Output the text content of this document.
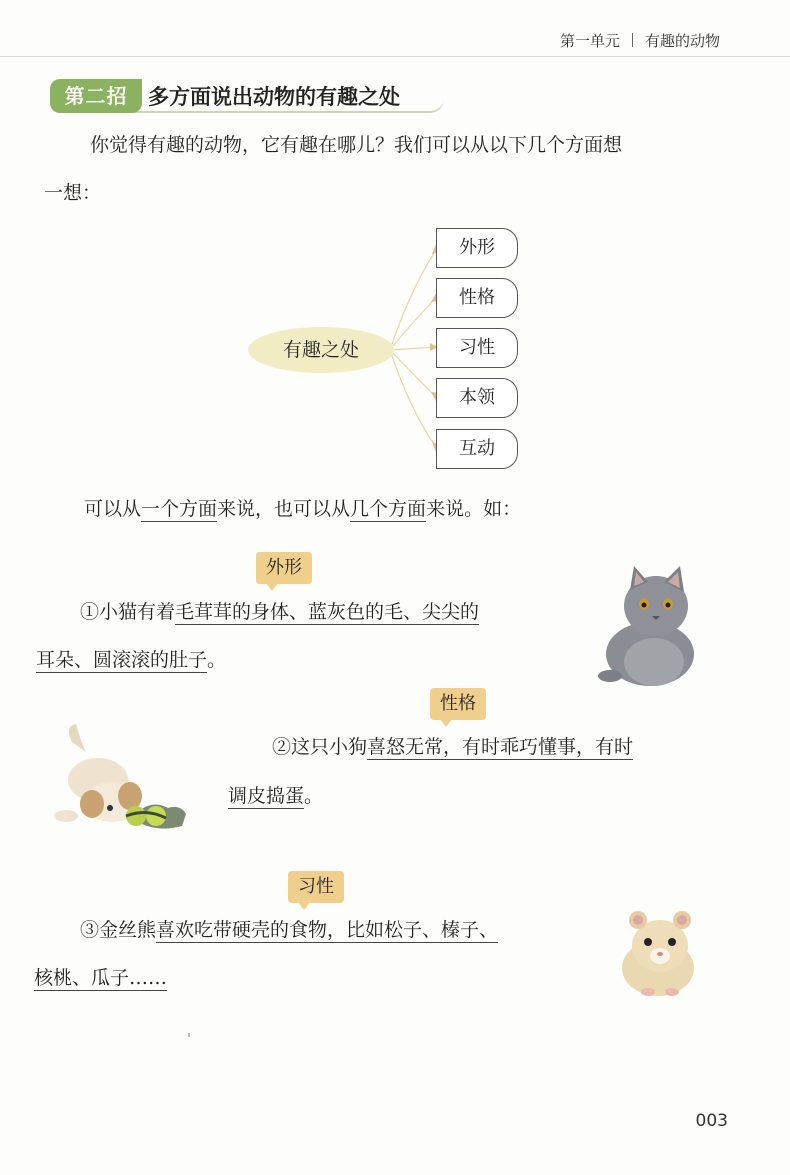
第一单元 有趣的动物
第二招 多方面说出动物的有趣之处
你觉得有趣的动物，它有趣在哪儿？我们可以从以下几个方面想
一想：
有趣之处
外形
性格
习性
本领
互动
可以从一个方面来说，也可以从几个方面来说。如：
外形
①小猫有着毛茸茸的身体、蓝灰色的毛、尖尖的
耳朵、圆滚滚的肚子。
性格
②这只小狗喜怒无常，有时乖巧懂事，有时
调皮捣蛋。
习性
③金丝熊喜欢吃带硬壳的食物，比如松子、榛子、
核桃、瓜子……
003
